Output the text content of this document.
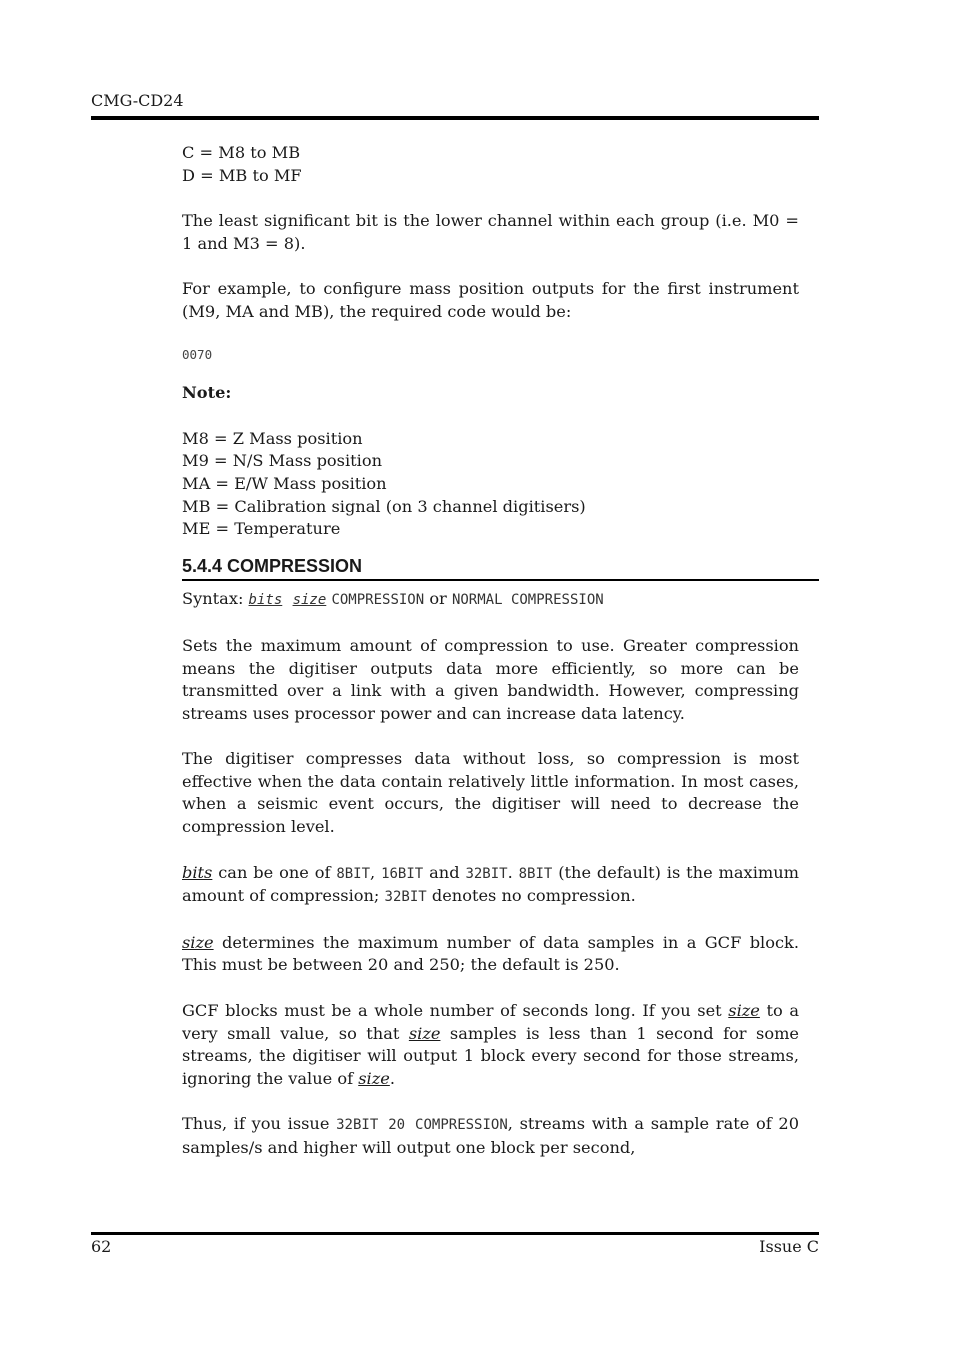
CMG-CD24

C = M8 to MB

D = MB to MF

The least significant bit is the lower channel within each group (i.e. M0 = 1 and M3 = 8).

For example, to configure mass position outputs for the first instrument (M9, MA and MB), the required code would be:

0070

Note:

M8 = Z Mass position

M9 = N/S Mass position

MA = E/W Mass position

MB = Calibration signal (on 3 channel digitisers)

ME = Temperature

5.4.4 COMPRESSION

Syntax: bits size COMPRESSION or NORMAL COMPRESSION

Sets the maximum amount of compression to use. Greater compression means the digitiser outputs data more efficiently, so more can be transmitted over a link with a given bandwidth. However, compressing streams uses processor power and can increase data latency.

The digitiser compresses data without loss, so compression is most effective when the data contain relatively little information. In most cases, when a seismic event occurs, the digitiser will need to decrease the compression level.

bits can be one of 8BIT, 16BIT and 32BIT. 8BIT (the default) is the maximum amount of compression; 32BIT denotes no compression.

size determines the maximum number of data samples in a GCF block. This must be between 20 and 250; the default is 250.

GCF blocks must be a whole number of seconds long. If you set size to a very small value, so that size samples is less than 1 second for some streams, the digitiser will output 1 block every second for those streams, ignoring the value of size.

Thus, if you issue 32BIT 20 COMPRESSION, streams with a sample rate of 20 samples/s and higher will output one block per second,

62	Issue C
